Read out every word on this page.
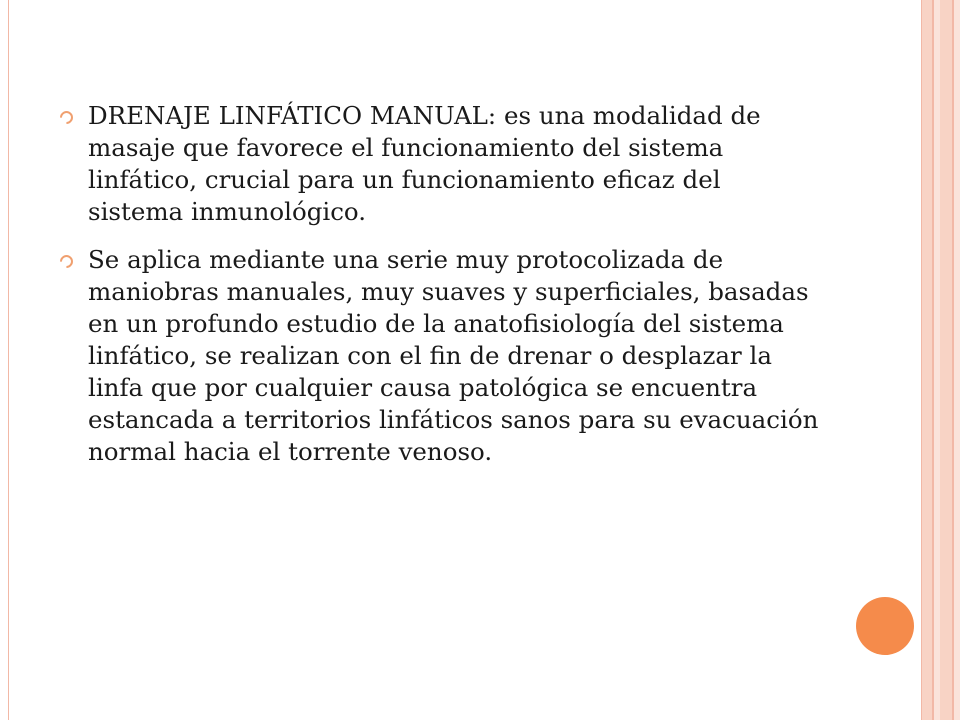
DRENAJE LINFÁTICO MANUAL: es una modalidad de masaje que favorece el funcionamiento del sistema linfático, crucial para un funcionamiento eficaz del sistema inmunológico.
Se aplica mediante una serie muy protocolizada de maniobras manuales, muy suaves y superficiales, basadas en un profundo estudio de la anatofisiología del sistema linfático, se realizan con el fin de drenar o desplazar la linfa que por cualquier causa patológica se encuentra estancada a territorios linfáticos sanos para su evacuación normal hacia el torrente venoso.
